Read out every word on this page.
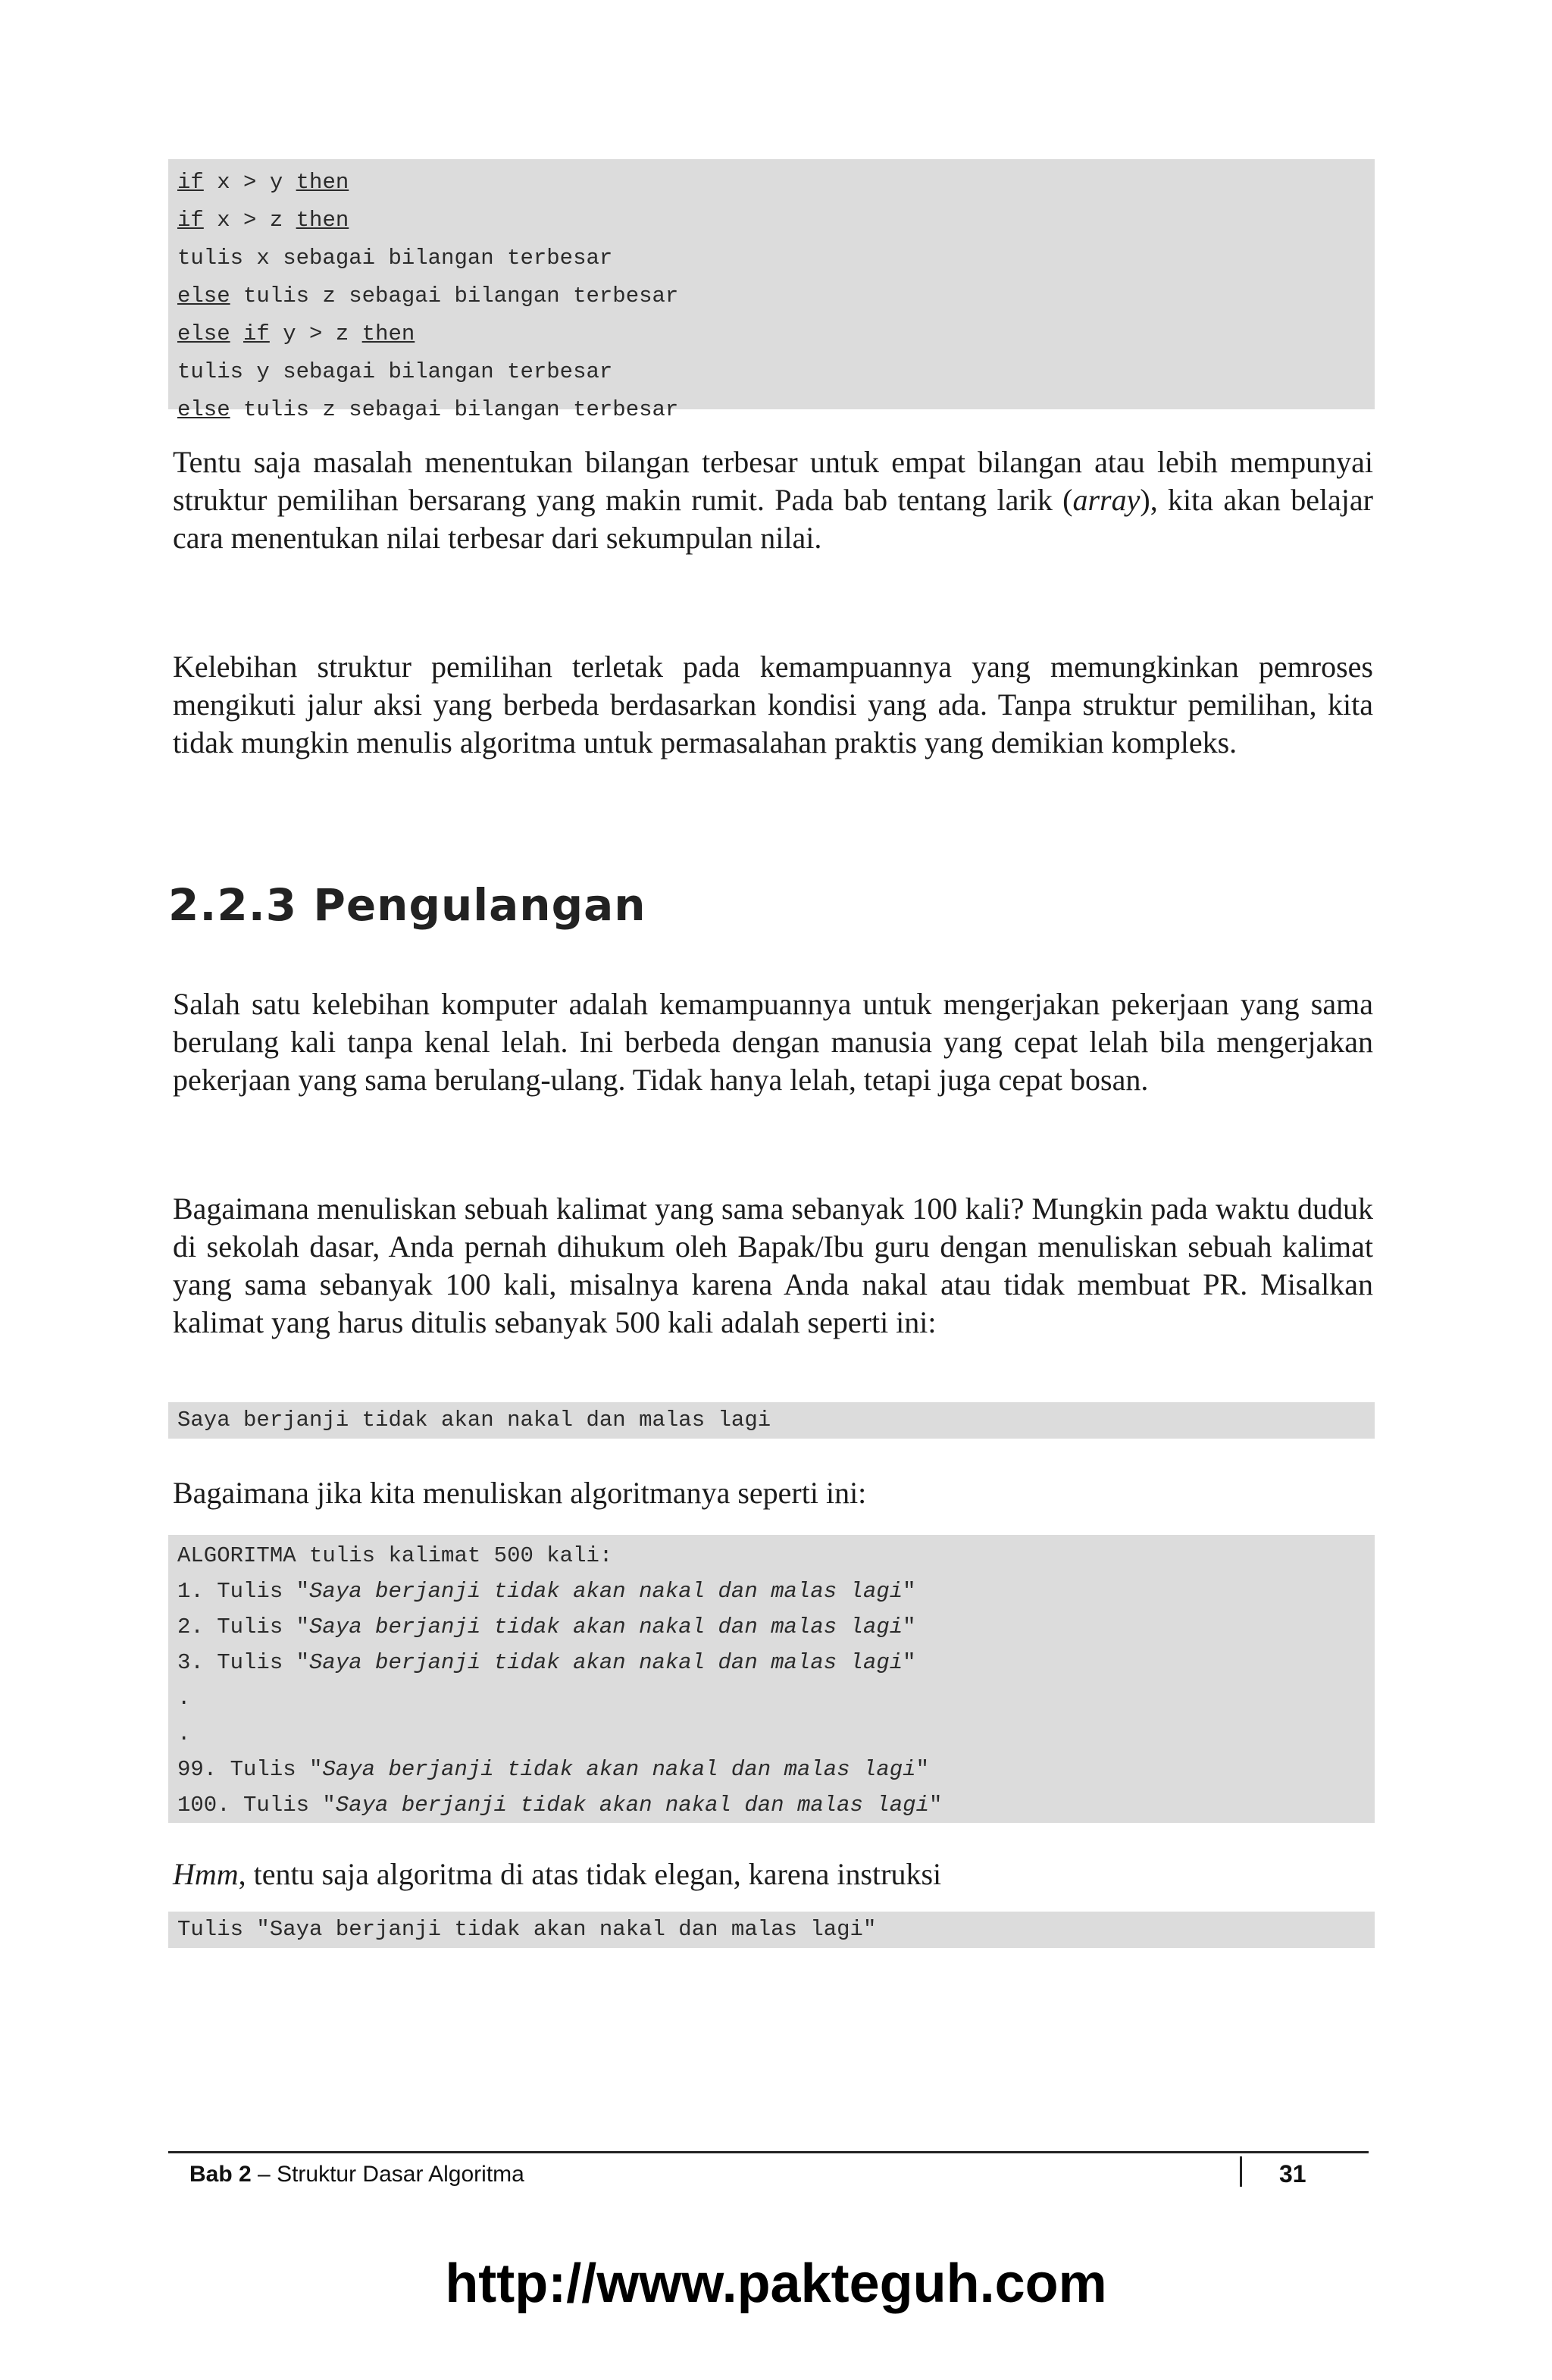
if x > y then
if x > z then
tulis x sebagai bilangan terbesar
else tulis z sebagai bilangan terbesar
else if y > z then
tulis y sebagai bilangan terbesar
else tulis z sebagai bilangan terbesar

Tentu saja masalah menentukan bilangan terbesar untuk empat bilangan atau lebih mempunyai struktur pemilihan bersarang yang makin rumit. Pada bab tentang larik (array), kita akan belajar cara menentukan nilai terbesar dari sekumpulan nilai.

Kelebihan struktur pemilihan terletak pada kemampuannya yang memungkinkan pemroses mengikuti jalur aksi yang berbeda berdasarkan kondisi yang ada. Tanpa struktur pemilihan, kita tidak mungkin menulis algoritma untuk permasalahan praktis yang demikian kompleks.

2.2.3 Pengulangan

Salah satu kelebihan komputer adalah kemampuannya untuk mengerjakan pekerjaan yang sama berulang kali tanpa kenal lelah. Ini berbeda dengan manusia yang cepat lelah bila mengerjakan pekerjaan yang sama berulang-ulang. Tidak hanya lelah, tetapi juga cepat bosan.

Bagaimana menuliskan sebuah kalimat yang sama sebanyak 100 kali? Mungkin pada waktu duduk di sekolah dasar, Anda pernah dihukum oleh Bapak/Ibu guru dengan menuliskan sebuah kalimat yang sama sebanyak 100 kali, misalnya karena Anda nakal atau tidak membuat PR. Misalkan kalimat yang harus ditulis sebanyak 500 kali adalah seperti ini:

Saya berjanji tidak akan nakal dan malas lagi

Bagaimana jika kita menuliskan algoritmanya seperti ini:

ALGORITMA tulis kalimat 500 kali:
1. Tulis "Saya berjanji tidak akan nakal dan malas lagi"
2. Tulis "Saya berjanji tidak akan nakal dan malas lagi"
3. Tulis "Saya berjanji tidak akan nakal dan malas lagi"
.
.
99. Tulis "Saya berjanji tidak akan nakal dan malas lagi"
100. Tulis "Saya berjanji tidak akan nakal dan malas lagi"

Hmm, tentu saja algoritma di atas tidak elegan, karena instruksi

Tulis "Saya berjanji tidak akan nakal dan malas lagi"
Bab 2 – Struktur Dasar Algoritma	31
http://www.pakteguh.com
